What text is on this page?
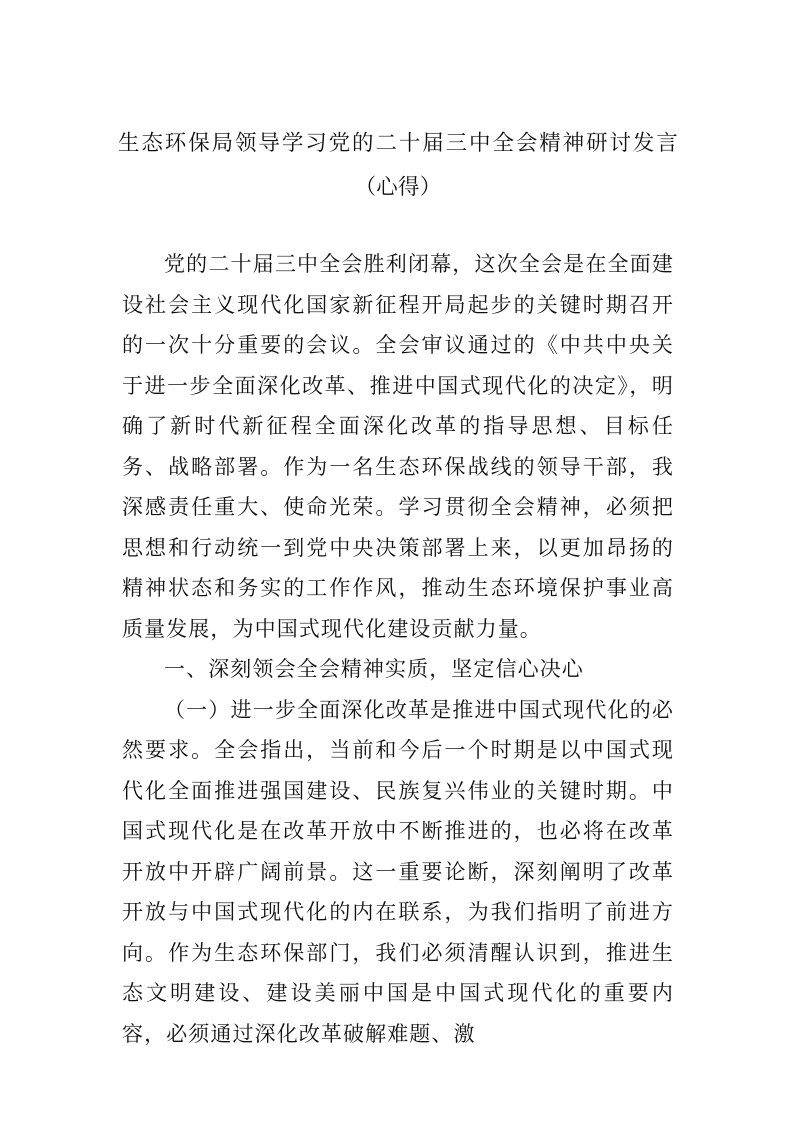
生态环保局领导学习党的二十届三中全会精神研讨发言（心得）

党的二十届三中全会胜利闭幕，这次全会是在全面建设社会主义现代化国家新征程开局起步的关键时期召开的一次十分重要的会议。全会审议通过的《中共中央关于进一步全面深化改革、推进中国式现代化的决定》，明确了新时代新征程全面深化改革的指导思想、目标任务、战略部署。作为一名生态环保战线的领导干部，我深感责任重大、使命光荣。学习贯彻全会精神，必须把思想和行动统一到党中央决策部署上来，以更加昂扬的精神状态和务实的工作作风，推动生态环境保护事业高质量发展，为中国式现代化建设贡献力量。

一、深刻领会全会精神实质，坚定信心决心

（一）进一步全面深化改革是推进中国式现代化的必然要求。全会指出，当前和今后一个时期是以中国式现代化全面推进强国建设、民族复兴伟业的关键时期。中国式现代化是在改革开放中不断推进的，也必将在改革开放中开辟广阔前景。这一重要论断，深刻阐明了改革开放与中国式现代化的内在联系，为我们指明了前进方向。作为生态环保部门，我们必须清醒认识到，推进生态文明建设、建设美丽中国是中国式现代化的重要内容，必须通过深化改革破解难题、激
